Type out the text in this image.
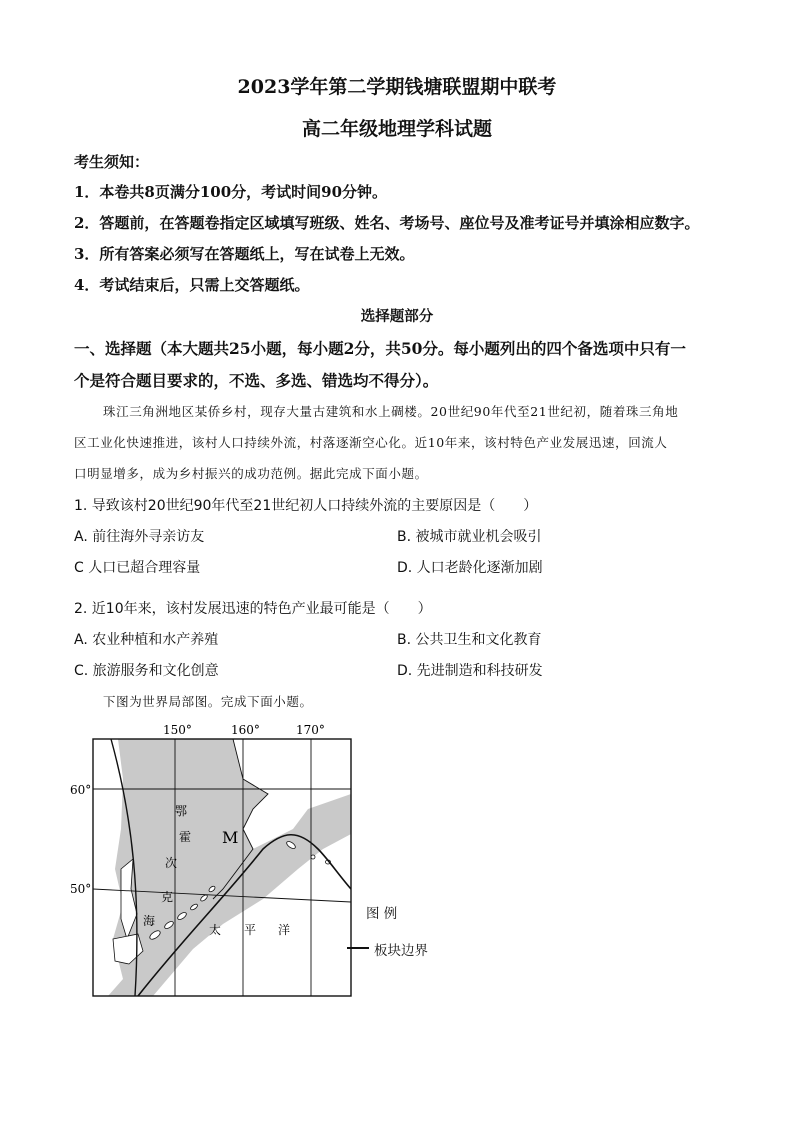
2023学年第二学期钱塘联盟期中联考
高二年级地理学科试题
考生须知：
1．本卷共8页满分100分，考试时间90分钟。
2．答题前，在答题卷指定区域填写班级、姓名、考场号、座位号及准考证号并填涂相应数字。
3．所有答案必须写在答题纸上，写在试卷上无效。
4．考试结束后，只需上交答题纸。
选择题部分
一、选择题（本大题共25小题，每小题2分，共50分。每小题列出的四个备选项中只有一
个是符合题目要求的，不选、多选、错选均不得分）。
珠江三角洲地区某侨乡村，现存大量古建筑和水上碉楼。20世纪90年代至21世纪初，随着珠三角地
区工业化快速推进，该村人口持续外流，村落逐渐空心化。近10年来，该村特色产业发展迅速，回流人
口明显增多，成为乡村振兴的成功范例。据此完成下面小题。
1. 导致该村20世纪90年代至21世纪初人口持续外流的主要原因是（　　）
A. 前往海外寻亲访友	B. 被城市就业机会吸引
C 人口已超合理容量	D. 人口老龄化逐渐加剧
2. 近10年来，该村发展迅速的特色产业最可能是（　　）
A. 农业种植和水产养殖	B. 公共卫生和文化教育
C. 旅游服务和文化创意	D. 先进制造和科技研发
下图为世界局部图。完成下面小题。
150°	160°	170°
60°
50°
鄂
霍
次
克
海
M
太 平 洋
图 例
板块边界
